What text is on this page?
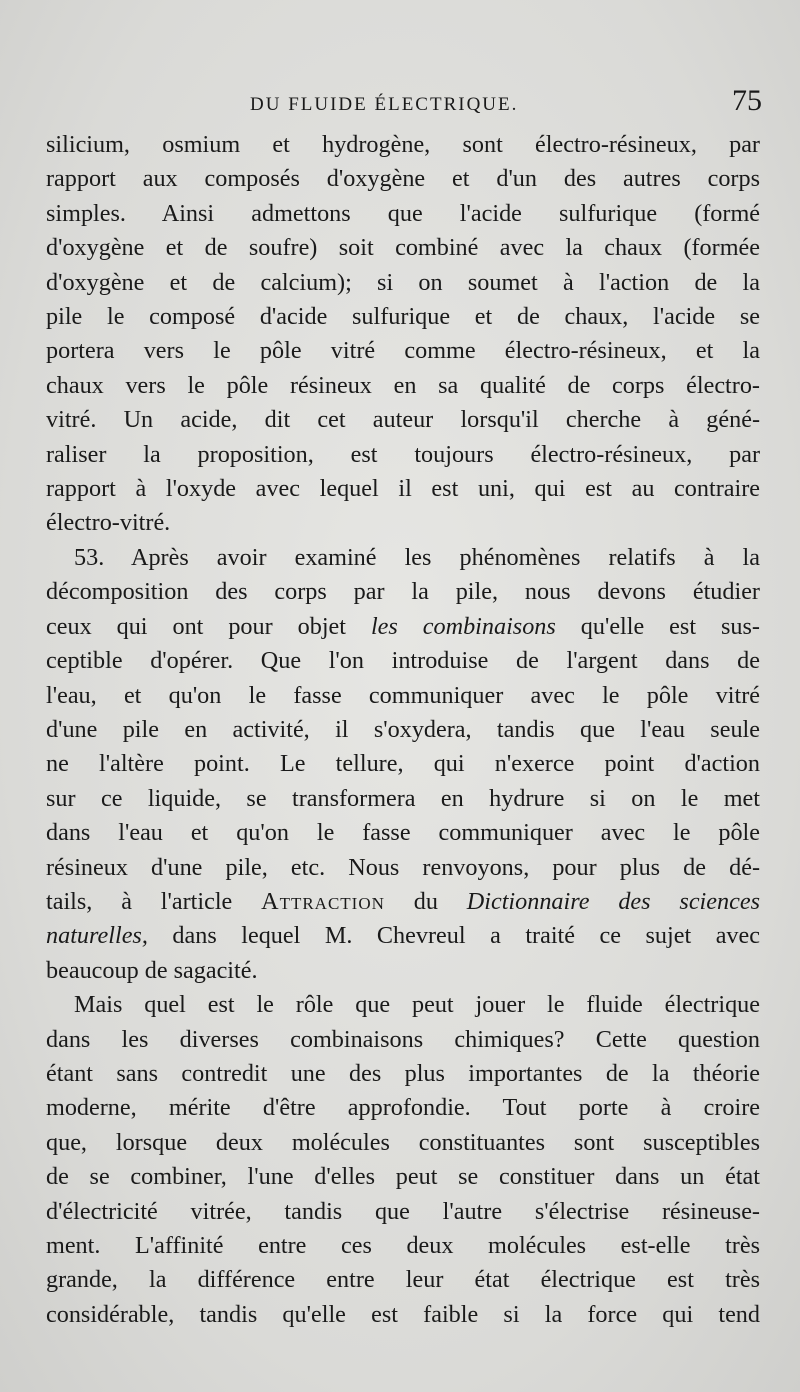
DU FLUIDE ÉLECTRIQUE.	75
silicium, osmium et hydrogène, sont électro-résineux, par
rapport aux composés d'oxygène et d'un des autres corps
simples. Ainsi admettons que l'acide sulfurique (formé
d'oxygène et de soufre) soit combiné avec la chaux (formée
d'oxygène et de calcium); si on soumet à l'action de la
pile le composé d'acide sulfurique et de chaux, l'acide se
portera vers le pôle vitré comme électro-résineux, et la
chaux vers le pôle résineux en sa qualité de corps électro-
vitré. Un acide, dit cet auteur lorsqu'il cherche à géné-
raliser la proposition, est toujours électro-résineux, par
rapport à l'oxyde avec lequel il est uni, qui est au contraire
électro-vitré.
53. Après avoir examiné les phénomènes relatifs à la
décomposition des corps par la pile, nous devons étudier
ceux qui ont pour objet les combinaisons qu'elle est sus-
ceptible d'opérer. Que l'on introduise de l'argent dans de
l'eau, et qu'on le fasse communiquer avec le pôle vitré
d'une pile en activité, il s'oxydera, tandis que l'eau seule
ne l'altère point. Le tellure, qui n'exerce point d'action
sur ce liquide, se transformera en hydrure si on le met
dans l'eau et qu'on le fasse communiquer avec le pôle
résineux d'une pile, etc. Nous renvoyons, pour plus de dé-
tails, à l'article Attraction du Dictionnaire des sciences
naturelles, dans lequel M. Chevreul a traité ce sujet avec
beaucoup de sagacité.
Mais quel est le rôle que peut jouer le fluide électrique
dans les diverses combinaisons chimiques? Cette question
étant sans contredit une des plus importantes de la théorie
moderne, mérite d'être approfondie. Tout porte à croire
que, lorsque deux molécules constituantes sont susceptibles
de se combiner, l'une d'elles peut se constituer dans un état
d'électricité vitrée, tandis que l'autre s'électrise résineuse-
ment. L'affinité entre ces deux molécules est-elle très
grande, la différence entre leur état électrique est très
considérable, tandis qu'elle est faible si la force qui tend
